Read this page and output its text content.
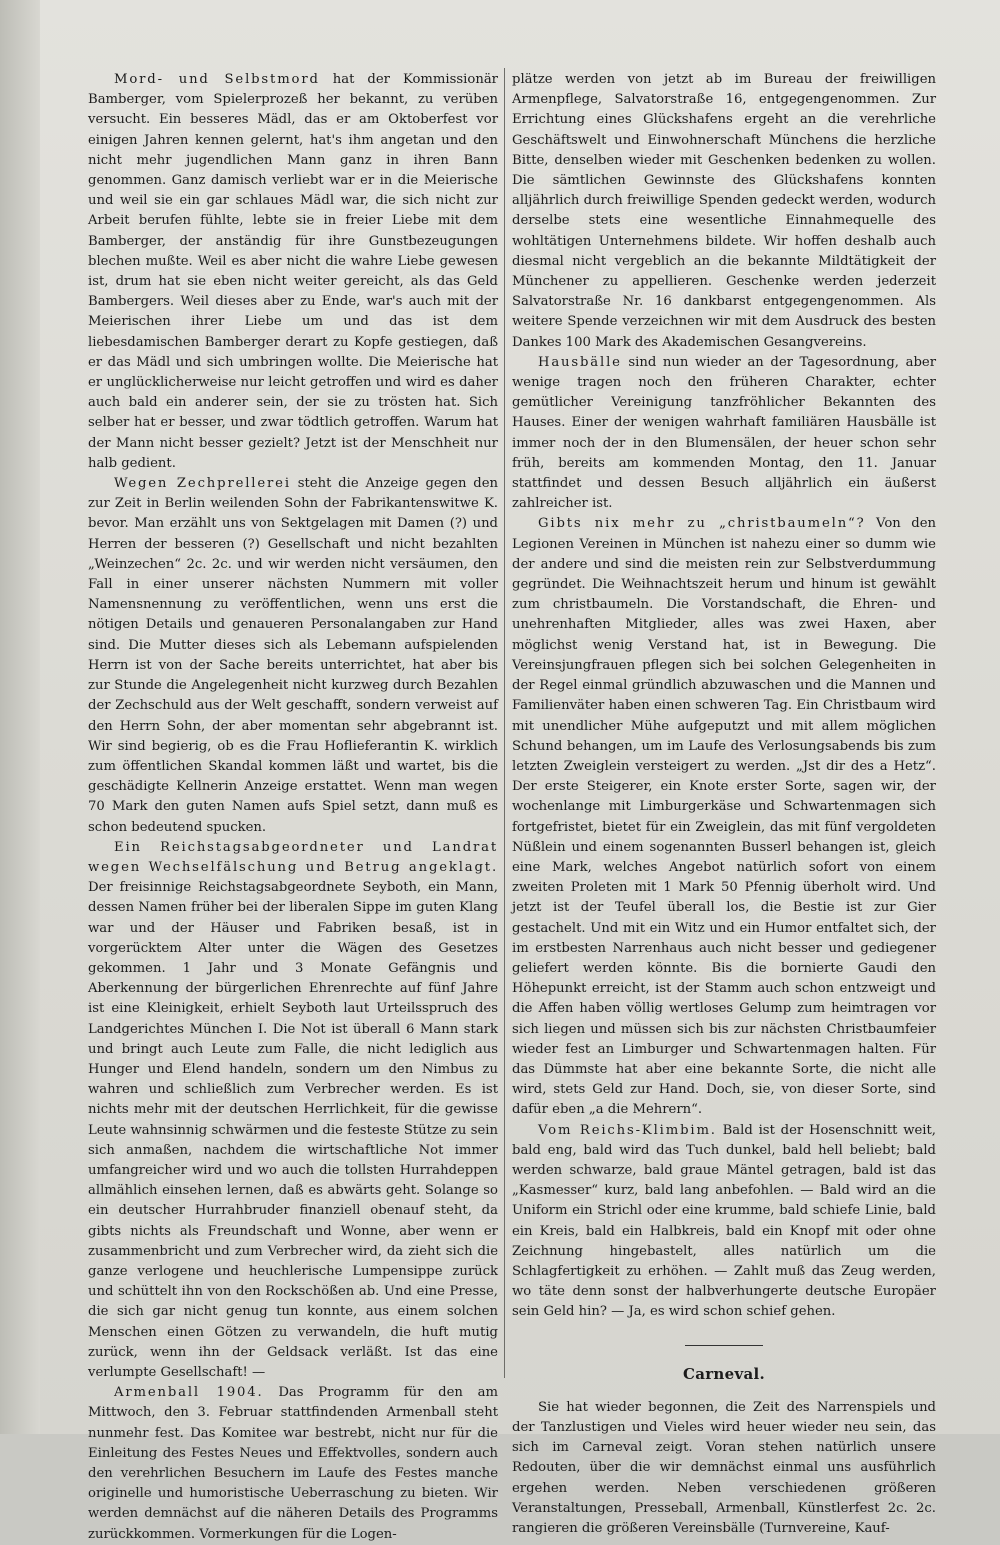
Mord- und Selbstmord hat der Kommissionär Bamberger, vom Spielerprozeß her bekannt, zu verüben versucht. Ein besseres Mädl, das er am Oktoberfest vor einigen Jahren kennen gelernt, hat's ihm angetan und den nicht mehr jugendlichen Mann ganz in ihren Bann genommen. Ganz damisch verliebt war er in die Meierische und weil sie ein gar schlaues Mädl war, die sich nicht zur Arbeit berufen fühlte, lebte sie in freier Liebe mit dem Bamberger, der anständig für ihre Gunstbezeugungen blechen mußte. Weil es aber nicht die wahre Liebe gewesen ist, drum hat sie eben nicht weiter gereicht, als das Geld Bambergers. Weil dieses aber zu Ende, war's auch mit der Meierischen ihrer Liebe um und das ist dem liebesdamischen Bamberger derart zu Kopfe gestiegen, daß er das Mädl und sich umbringen wollte. Die Meierische hat er unglücklicherweise nur leicht getroffen und wird es daher auch bald ein anderer sein, der sie zu trösten hat. Sich selber hat er besser, und zwar tödtlich getroffen. Warum hat der Mann nicht besser gezielt? Jetzt ist der Menschheit nur halb gedient.

Wegen Zechprellerei steht die Anzeige gegen den zur Zeit in Berlin weilenden Sohn der Fabrikantenswitwe K. bevor. Man erzählt uns von Sektgelagen mit Damen (?) und Herren der besseren (?) Gesellschaft und nicht bezahlten „Weinzechen“ 2c. 2c. und wir werden nicht versäumen, den Fall in einer unserer nächsten Nummern mit voller Namensnennung zu veröffentlichen, wenn uns erst die nötigen Details und genaueren Personalangaben zur Hand sind. Die Mutter dieses sich als Lebemann aufspielenden Herrn ist von der Sache bereits unterrichtet, hat aber bis zur Stunde die Angelegenheit nicht kurzweg durch Bezahlen der Zechschuld aus der Welt geschafft, sondern verweist auf den Herrn Sohn, der aber momentan sehr abgebrannt ist. Wir sind begierig, ob es die Frau Hoflieferantin K. wirklich zum öffentlichen Skandal kommen läßt und wartet, bis die geschädigte Kellnerin Anzeige erstattet. Wenn man wegen 70 Mark den guten Namen aufs Spiel setzt, dann muß es schon bedeutend spucken.

Ein Reichstagsabgeordneter und Landrat wegen Wechselfälschung und Betrug angeklagt. Der freisinnige Reichstagsabgeordnete Seyboth, ein Mann, dessen Namen früher bei der liberalen Sippe im guten Klang war und der Häuser und Fabriken besaß, ist in vorgerücktem Alter unter die Wägen des Gesetzes gekommen. 1 Jahr und 3 Monate Gefängnis und Aberkennung der bürgerlichen Ehrenrechte auf fünf Jahre ist eine Kleinigkeit, erhielt Seyboth laut Urteilsspruch des Landgerichtes München I. Die Not ist überall 6 Mann stark und bringt auch Leute zum Falle, die nicht lediglich aus Hunger und Elend handeln, sondern um den Nimbus zu wahren und schließlich zum Verbrecher werden. Es ist nichts mehr mit der deutschen Herrlichkeit, für die gewisse Leute wahnsinnig schwärmen und die festeste Stütze zu sein sich anmaßen, nachdem die wirtschaftliche Not immer umfangreicher wird und wo auch die tollsten Hurrahdeppen allmählich einsehen lernen, daß es abwärts geht. Solange so ein deutscher Hurrahbruder finanziell obenauf steht, da gibts nichts als Freundschaft und Wonne, aber wenn er zusammenbricht und zum Verbrecher wird, da zieht sich die ganze verlogene und heuchlerische Lumpensippe zurück und schüttelt ihn von den Rockschößen ab. Und eine Presse, die sich gar nicht genug tun konnte, aus einem solchen Menschen einen Götzen zu verwandeln, die huft mutig zurück, wenn ihn der Geldsack verläßt. Ist das eine verlumpte Gesellschaft! —

Armenball 1904. Das Programm für den am Mittwoch, den 3. Februar stattfindenden Armenball steht nunmehr fest. Das Komitee war bestrebt, nicht nur für die Einleitung des Festes Neues und Effektvolles, sondern auch den verehrlichen Besuchern im Laufe des Festes manche originelle und humoristische Ueberraschung zu bieten. Wir werden demnächst auf die näheren Details des Programms zurückkommen. Vormerkungen für die Logen-

plätze werden von jetzt ab im Bureau der freiwilligen Armenpflege, Salvatorstraße 16, entgegengenommen. Zur Errichtung eines Glückshafens ergeht an die verehrliche Geschäftswelt und Einwohnerschaft Münchens die herzliche Bitte, denselben wieder mit Geschenken bedenken zu wollen. Die sämtlichen Gewinnste des Glückshafens konnten alljährlich durch freiwillige Spenden gedeckt werden, wodurch derselbe stets eine wesentliche Einnahmequelle des wohltätigen Unternehmens bildete. Wir hoffen deshalb auch diesmal nicht vergeblich an die bekannte Mildtätigkeit der Münchener zu appellieren. Geschenke werden jederzeit Salvatorstraße Nr. 16 dankbarst entgegengenommen. Als weitere Spende verzeichnen wir mit dem Ausdruck des besten Dankes 100 Mark des Akademischen Gesangvereins.

Hausbälle sind nun wieder an der Tagesordnung, aber wenige tragen noch den früheren Charakter, echter gemütlicher Vereinigung tanzfröhlicher Bekannten des Hauses. Einer der wenigen wahrhaft familiären Hausbälle ist immer noch der in den Blumensälen, der heuer schon sehr früh, bereits am kommenden Montag, den 11. Januar stattfindet und dessen Besuch alljährlich ein äußerst zahlreicher ist.

Gibts nix mehr zu „christbaumeln“? Von den Legionen Vereinen in München ist nahezu einer so dumm wie der andere und sind die meisten rein zur Selbstverdummung gegründet. Die Weihnachtszeit herum und hinum ist gewählt zum christbaumeln. Die Vorstandschaft, die Ehren- und unehrenhaften Mitglieder, alles was zwei Haxen, aber möglichst wenig Verstand hat, ist in Bewegung. Die Vereinsjungfrauen pflegen sich bei solchen Gelegenheiten in der Regel einmal gründlich abzuwaschen und die Mannen und Familienväter haben einen schweren Tag. Ein Christbaum wird mit unendlicher Mühe aufgeputzt und mit allem möglichen Schund behangen, um im Laufe des Verlosungsabends bis zum letzten Zweiglein versteigert zu werden. „Jst dir des a Hetz“. Der erste Steigerer, ein Knote erster Sorte, sagen wir, der wochenlange mit Limburgerkäse und Schwartenmagen sich fortgefristet, bietet für ein Zweiglein, das mit fünf vergoldeten Nüßlein und einem sogenannten Busserl behangen ist, gleich eine Mark, welches Angebot natürlich sofort von einem zweiten Proleten mit 1 Mark 50 Pfennig überholt wird. Und jetzt ist der Teufel überall los, die Bestie ist zur Gier gestachelt. Und mit ein Witz und ein Humor entfaltet sich, der im erstbesten Narrenhaus auch nicht besser und gediegener geliefert werden könnte. Bis die bornierte Gaudi den Höhepunkt erreicht, ist der Stamm auch schon entzweigt und die Affen haben völlig wertloses Gelump zum heimtragen vor sich liegen und müssen sich bis zur nächsten Christbaumfeier wieder fest an Limburger und Schwartenmagen halten. Für das Dümmste hat aber eine bekannte Sorte, die nicht alle wird, stets Geld zur Hand. Doch, sie, von dieser Sorte, sind dafür eben „a die Mehrern“.

Vom Reichs-Klimbim. Bald ist der Hosenschnitt weit, bald eng, bald wird das Tuch dunkel, bald hell beliebt; bald werden schwarze, bald graue Mäntel getragen, bald ist das „Kasmesser“ kurz, bald lang anbefohlen. — Bald wird an die Uniform ein Strichl oder eine krumme, bald schiefe Linie, bald ein Kreis, bald ein Halbkreis, bald ein Knopf mit oder ohne Zeichnung hingebastelt, alles natürlich um die Schlagfertigkeit zu erhöhen. — Zahlt muß das Zeug werden, wo täte denn sonst der halbverhungerte deutsche Europäer sein Geld hin? — Ja, es wird schon schief gehen.

Carneval.

Sie hat wieder begonnen, die Zeit des Narrenspiels und der Tanzlustigen und Vieles wird heuer wieder neu sein, das sich im Carneval zeigt. Voran stehen natürlich unsere Redouten, über die wir demnächst einmal uns ausführlich ergehen werden. Neben verschiedenen größeren Veranstaltungen, Presseball, Armenball, Künstlerfest 2c. 2c. rangieren die größeren Vereinsbälle (Turnvereine, Kauf-
